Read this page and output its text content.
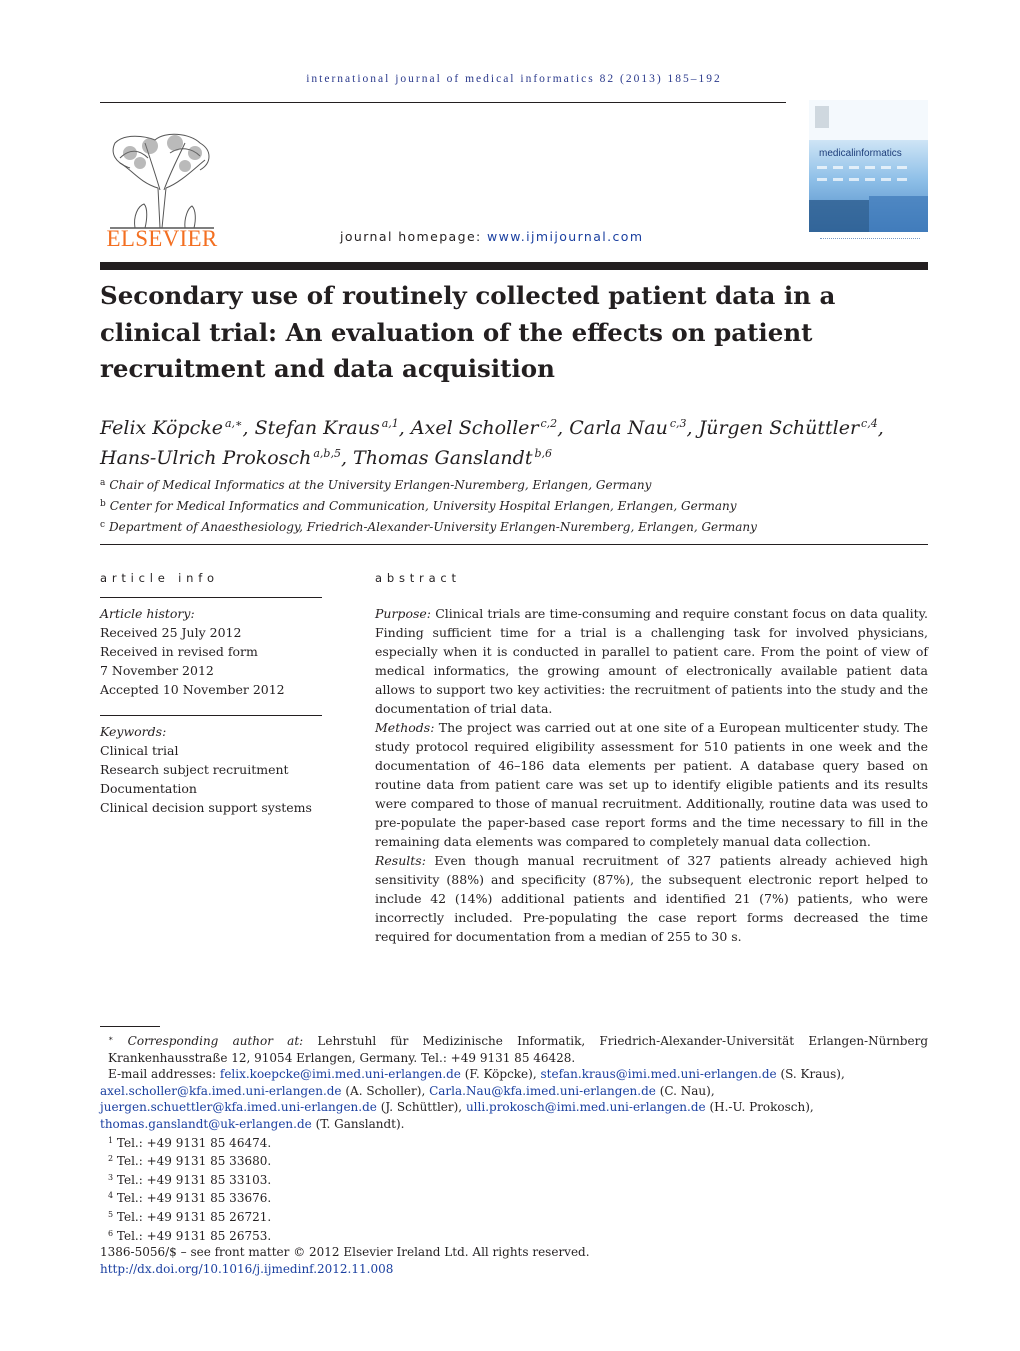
international journal of medical informatics 82 (2013) 185–192
ELSEVIER	journal homepage: www.ijmijournal.com
medicalinformatics
Secondary use of routinely collected patient data in a clinical trial: An evaluation of the effects on patient recruitment and data acquisition
Felix Köpcke $^{a,∗}$, Stefan Kraus $^{a,1}$, Axel Scholler $^{c,2}$, Carla Nau $^{c,3}$, Jürgen Schüttler $^{c,4}$,
Hans-Ulrich Prokosch $^{a,b,5}$, Thomas Ganslandt $^{b,6}$
$^a$ Chair of Medical Informatics at the University Erlangen-Nuremberg, Erlangen, Germany
$^b$ Center for Medical Informatics and Communication, University Hospital Erlangen, Erlangen, Germany
$^c$ Department of Anaesthesiology, Friedrich-Alexander-University Erlangen-Nuremberg, Erlangen, Germany
article info	abstract
Article history:
Received 25 July 2012
Received in revised form
7 November 2012
Accepted 10 November 2012
Keywords:
Clinical trial
Research subject recruitment
Documentation
Clinical decision support systems

Purpose: Clinical trials are time-consuming and require constant focus on data quality. Finding sufficient time for a trial is a challenging task for involved physicians, especially when it is conducted in parallel to patient care. From the point of view of medical informatics, the growing amount of electronically available patient data allows to support two key activities: the recruitment of patients into the study and the documentation of trial data.

Methods: The project was carried out at one site of a European multicenter study. The study protocol required eligibility assessment for 510 patients in one week and the documentation of 46–186 data elements per patient. A database query based on routine data from patient care was set up to identify eligible patients and its results were compared to those of manual recruitment. Additionally, routine data was used to pre-populate the paper-based case report forms and the time necessary to fill in the remaining data elements was compared to completely manual data collection.

Results: Even though manual recruitment of 327 patients already achieved high sensitivity (88%) and specificity (87%), the subsequent electronic report helped to include 42 (14%) additional patients and identified 21 (7%) patients, who were incorrectly included. Pre-populating the case report forms decreased the time required for documentation from a median of 255 to 30 s.

∗ Corresponding author at: Lehrstuhl für Medizinische Informatik, Friedrich-Alexander-Universität Erlangen-Nürnberg Krankenhausstraße 12, 91054 Erlangen, Germany. Tel.: +49 9131 85 46428.

E-mail addresses: felix.koepcke@imi.med.uni-erlangen.de (F. Köpcke), stefan.kraus@imi.med.uni-erlangen.de (S. Kraus),
axel.scholler@kfa.imed.uni-erlangen.de (A. Scholler), Carla.Nau@kfa.imed.uni-erlangen.de (C. Nau),
juergen.schuettler@kfa.imed.uni-erlangen.de (J. Schüttler), ulli.prokosch@imi.med.uni-erlangen.de (H.-U. Prokosch),
thomas.ganslandt@uk-erlangen.de (T. Ganslandt).

$^1$ Tel.: +49 9131 85 46474.

$^2$ Tel.: +49 9131 85 33680.

$^3$ Tel.: +49 9131 85 33103.

$^4$ Tel.: +49 9131 85 33676.

$^5$ Tel.: +49 9131 85 26721.

$^6$ Tel.: +49 9131 85 26753.

1386-5056/$ – see front matter © 2012 Elsevier Ireland Ltd. All rights reserved.

http://dx.doi.org/10.1016/j.ijmedinf.2012.11.008
